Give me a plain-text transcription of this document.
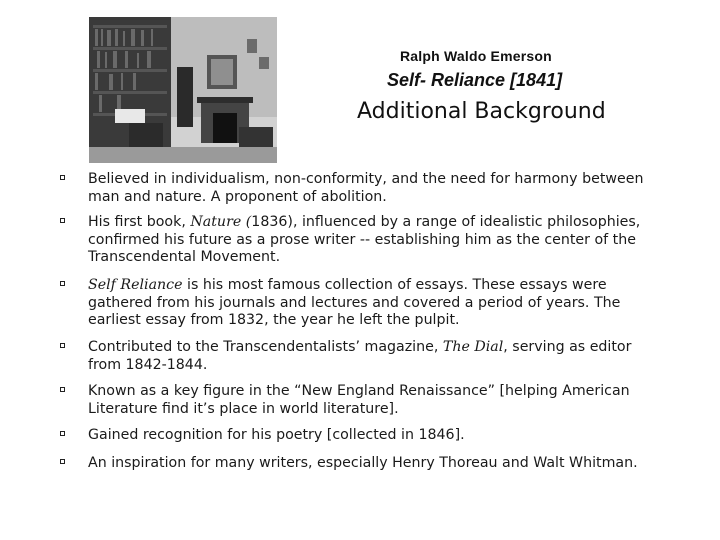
Ralph Waldo Emerson
Self- Reliance [1841]
Additional Background
Believed in individualism, non-conformity, and the need for harmony between man and nature. A proponent of abolition.
His first book, Nature (1836), influenced by a range of idealistic philosophies, confirmed his future as a prose writer -- establishing him as the center of the Transcendental Movement.
Self Reliance is his most famous collection of essays. These essays were gathered from his journals and lectures and covered a period of years. The earliest essay from 1832, the year he left the pulpit.
Contributed to the Transcendentalists’ magazine, The Dial, serving as editor from 1842-1844.
Known as a key figure in the “New England Renaissance” [helping American Literature find it’s place in world literature].
Gained recognition for his poetry [collected in 1846].
An inspiration for many writers, especially Henry Thoreau and Walt Whitman.
